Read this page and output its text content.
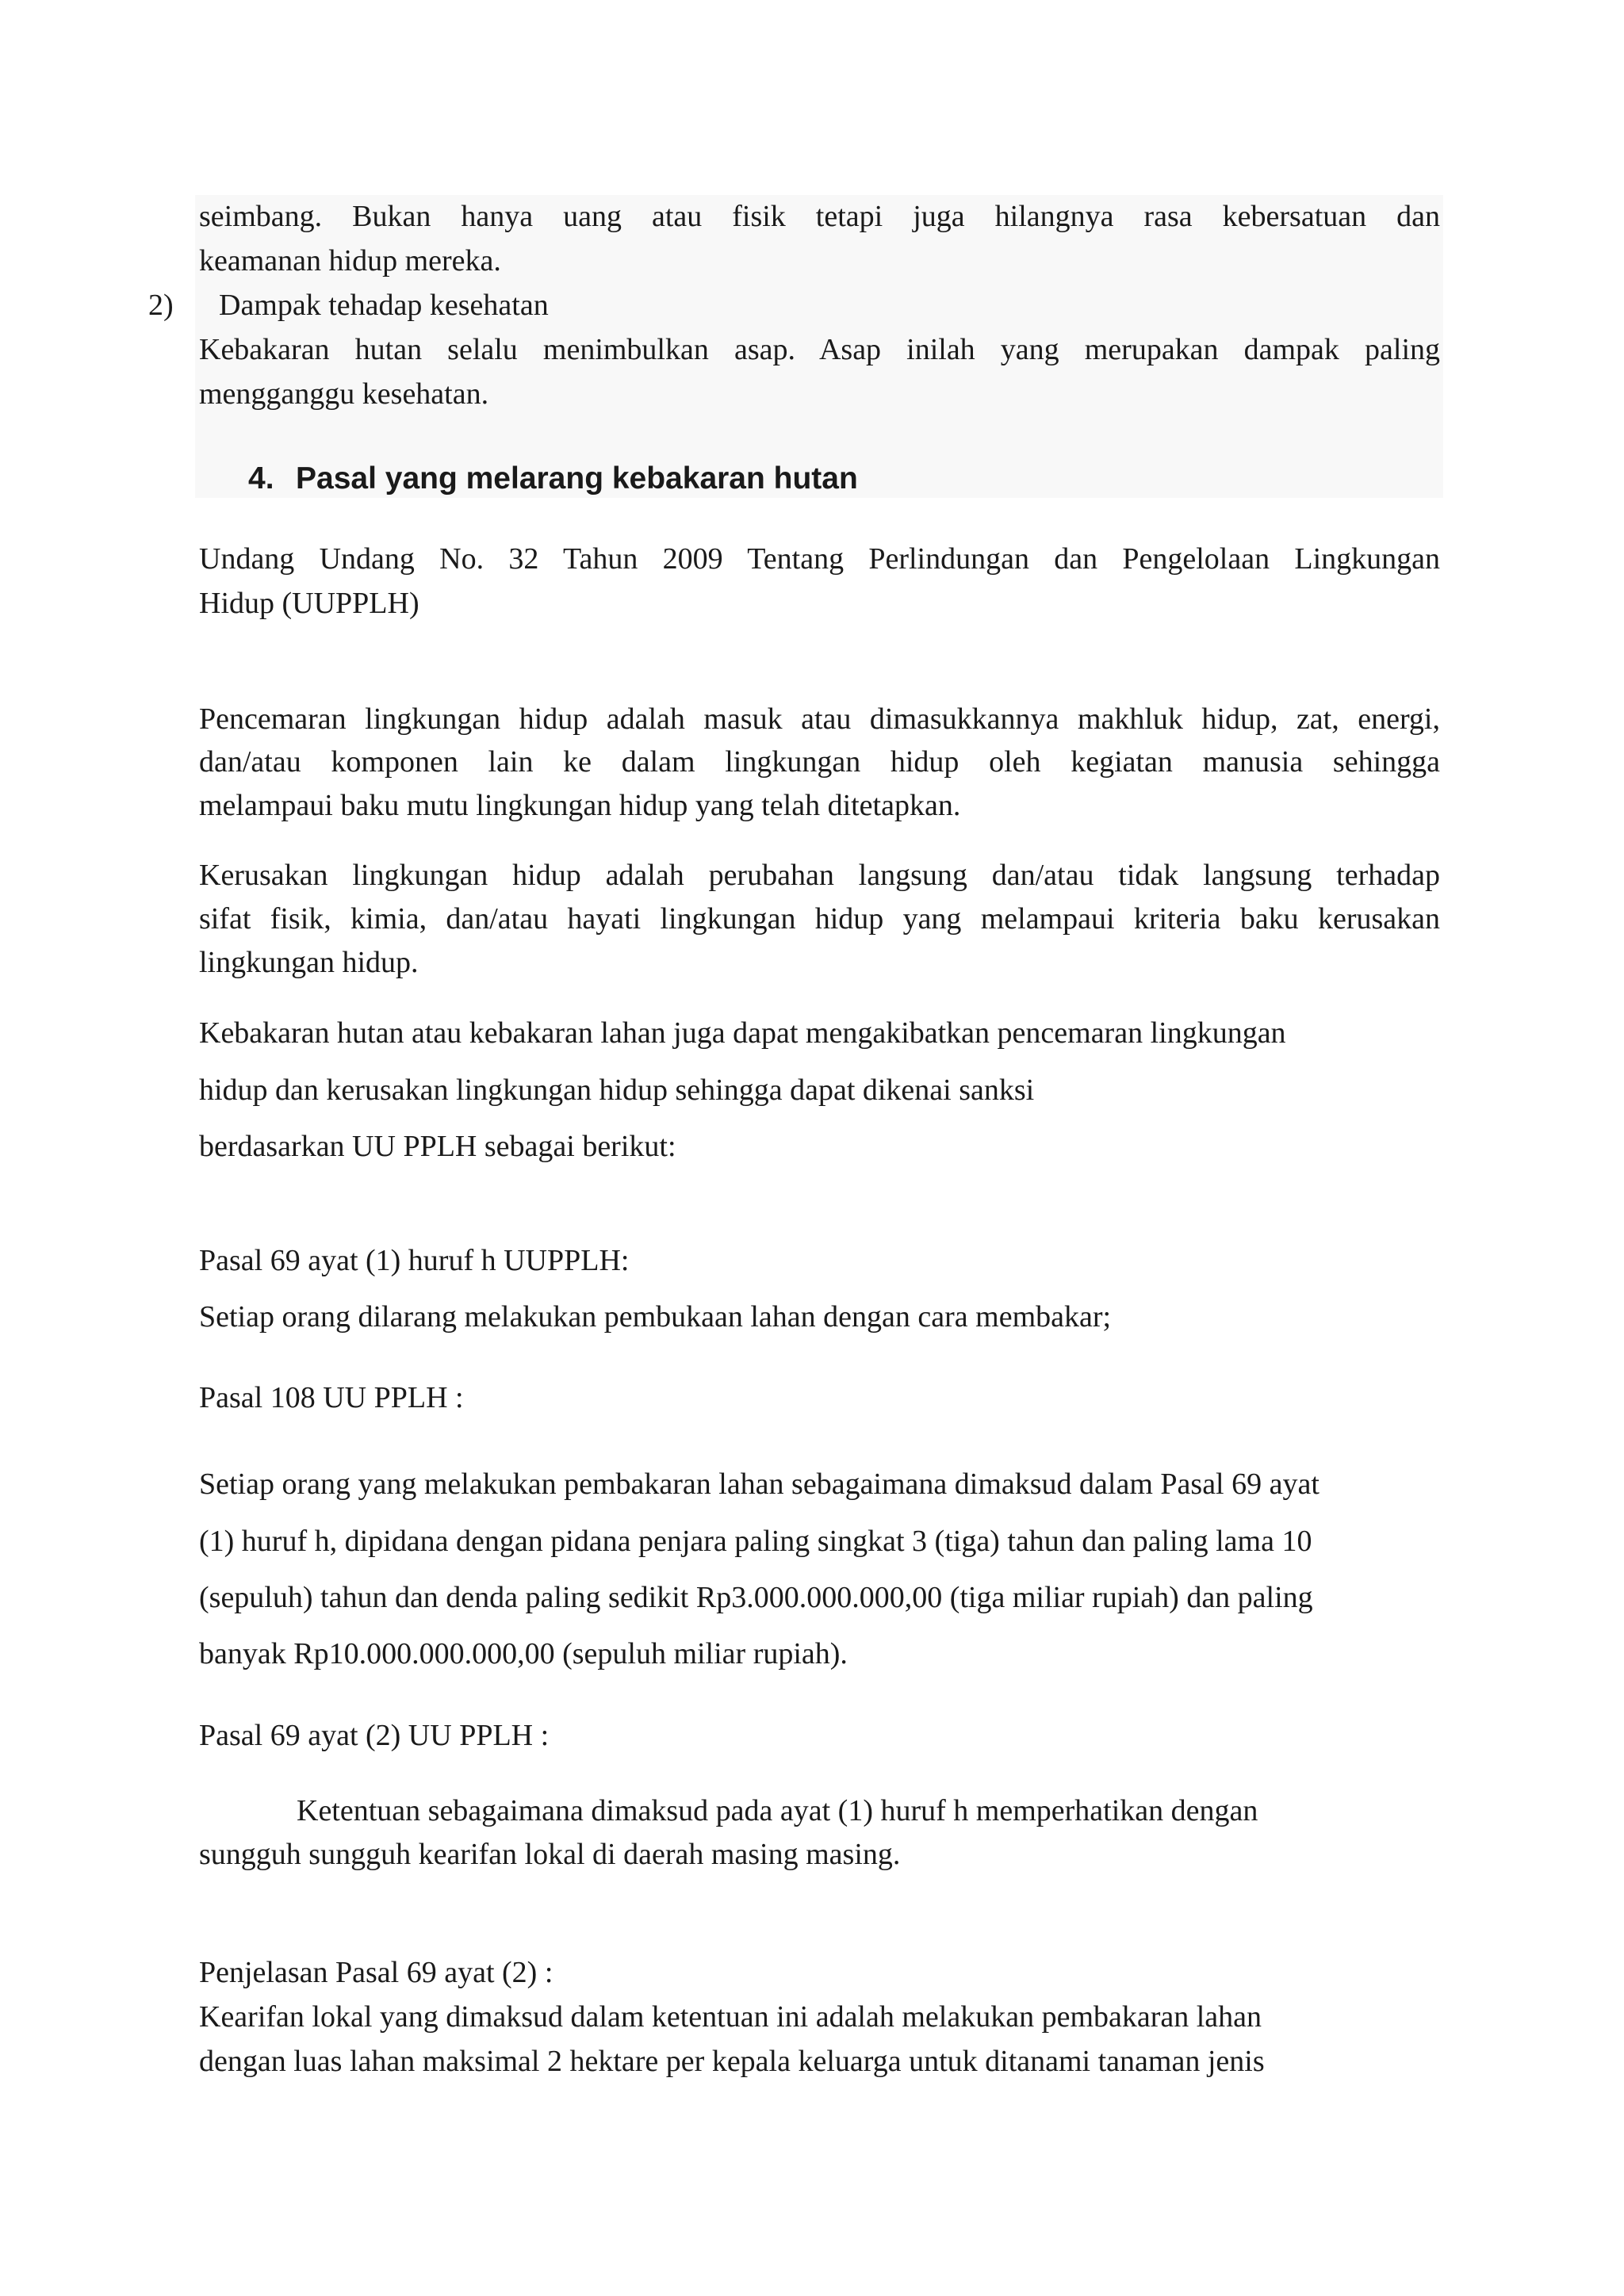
seimbang. Bukan hanya uang atau fisik tetapi juga hilangnya rasa kebersatuan dan
keamanan hidup mereka.
2) Dampak tehadap kesehatan
Kebakaran hutan selalu menimbulkan asap. Asap inilah yang merupakan dampak paling
mengganggu kesehatan.
4. Pasal yang melarang kebakaran hutan
Undang Undang No. 32 Tahun 2009 Tentang Perlindungan dan Pengelolaan Lingkungan
Hidup (UUPPLH)
Pencemaran lingkungan hidup adalah masuk atau dimasukkannya makhluk hidup, zat, energi,
dan/atau komponen lain ke dalam lingkungan hidup oleh kegiatan manusia sehingga
melampaui baku mutu lingkungan hidup yang telah ditetapkan.
Kerusakan lingkungan hidup adalah perubahan langsung dan/atau tidak langsung terhadap
sifat fisik, kimia, dan/atau hayati lingkungan hidup yang melampaui kriteria baku kerusakan
lingkungan hidup.
Kebakaran hutan atau kebakaran lahan juga dapat mengakibatkan pencemaran lingkungan
hidup dan kerusakan lingkungan hidup sehingga dapat dikenai sanksi
berdasarkan UU PPLH sebagai berikut:
Pasal 69 ayat (1) huruf h UUPPLH:
Setiap orang dilarang melakukan pembukaan lahan dengan cara membakar;
Pasal 108 UU PPLH :
Setiap orang yang melakukan pembakaran lahan sebagaimana dimaksud dalam Pasal 69 ayat
(1) huruf h, dipidana dengan pidana penjara paling singkat 3 (tiga) tahun dan paling lama 10
(sepuluh) tahun dan denda paling sedikit Rp3.000.000.000,00 (tiga miliar rupiah) dan paling
banyak Rp10.000.000.000,00 (sepuluh miliar rupiah).
Pasal 69 ayat (2) UU PPLH :
Ketentuan sebagaimana dimaksud pada ayat (1) huruf h memperhatikan dengan
sungguh sungguh kearifan lokal di daerah masing masing.
Penjelasan Pasal 69 ayat (2) :
Kearifan lokal yang dimaksud dalam ketentuan ini adalah melakukan pembakaran lahan
dengan luas lahan maksimal 2 hektare per kepala keluarga untuk ditanami tanaman jenis
